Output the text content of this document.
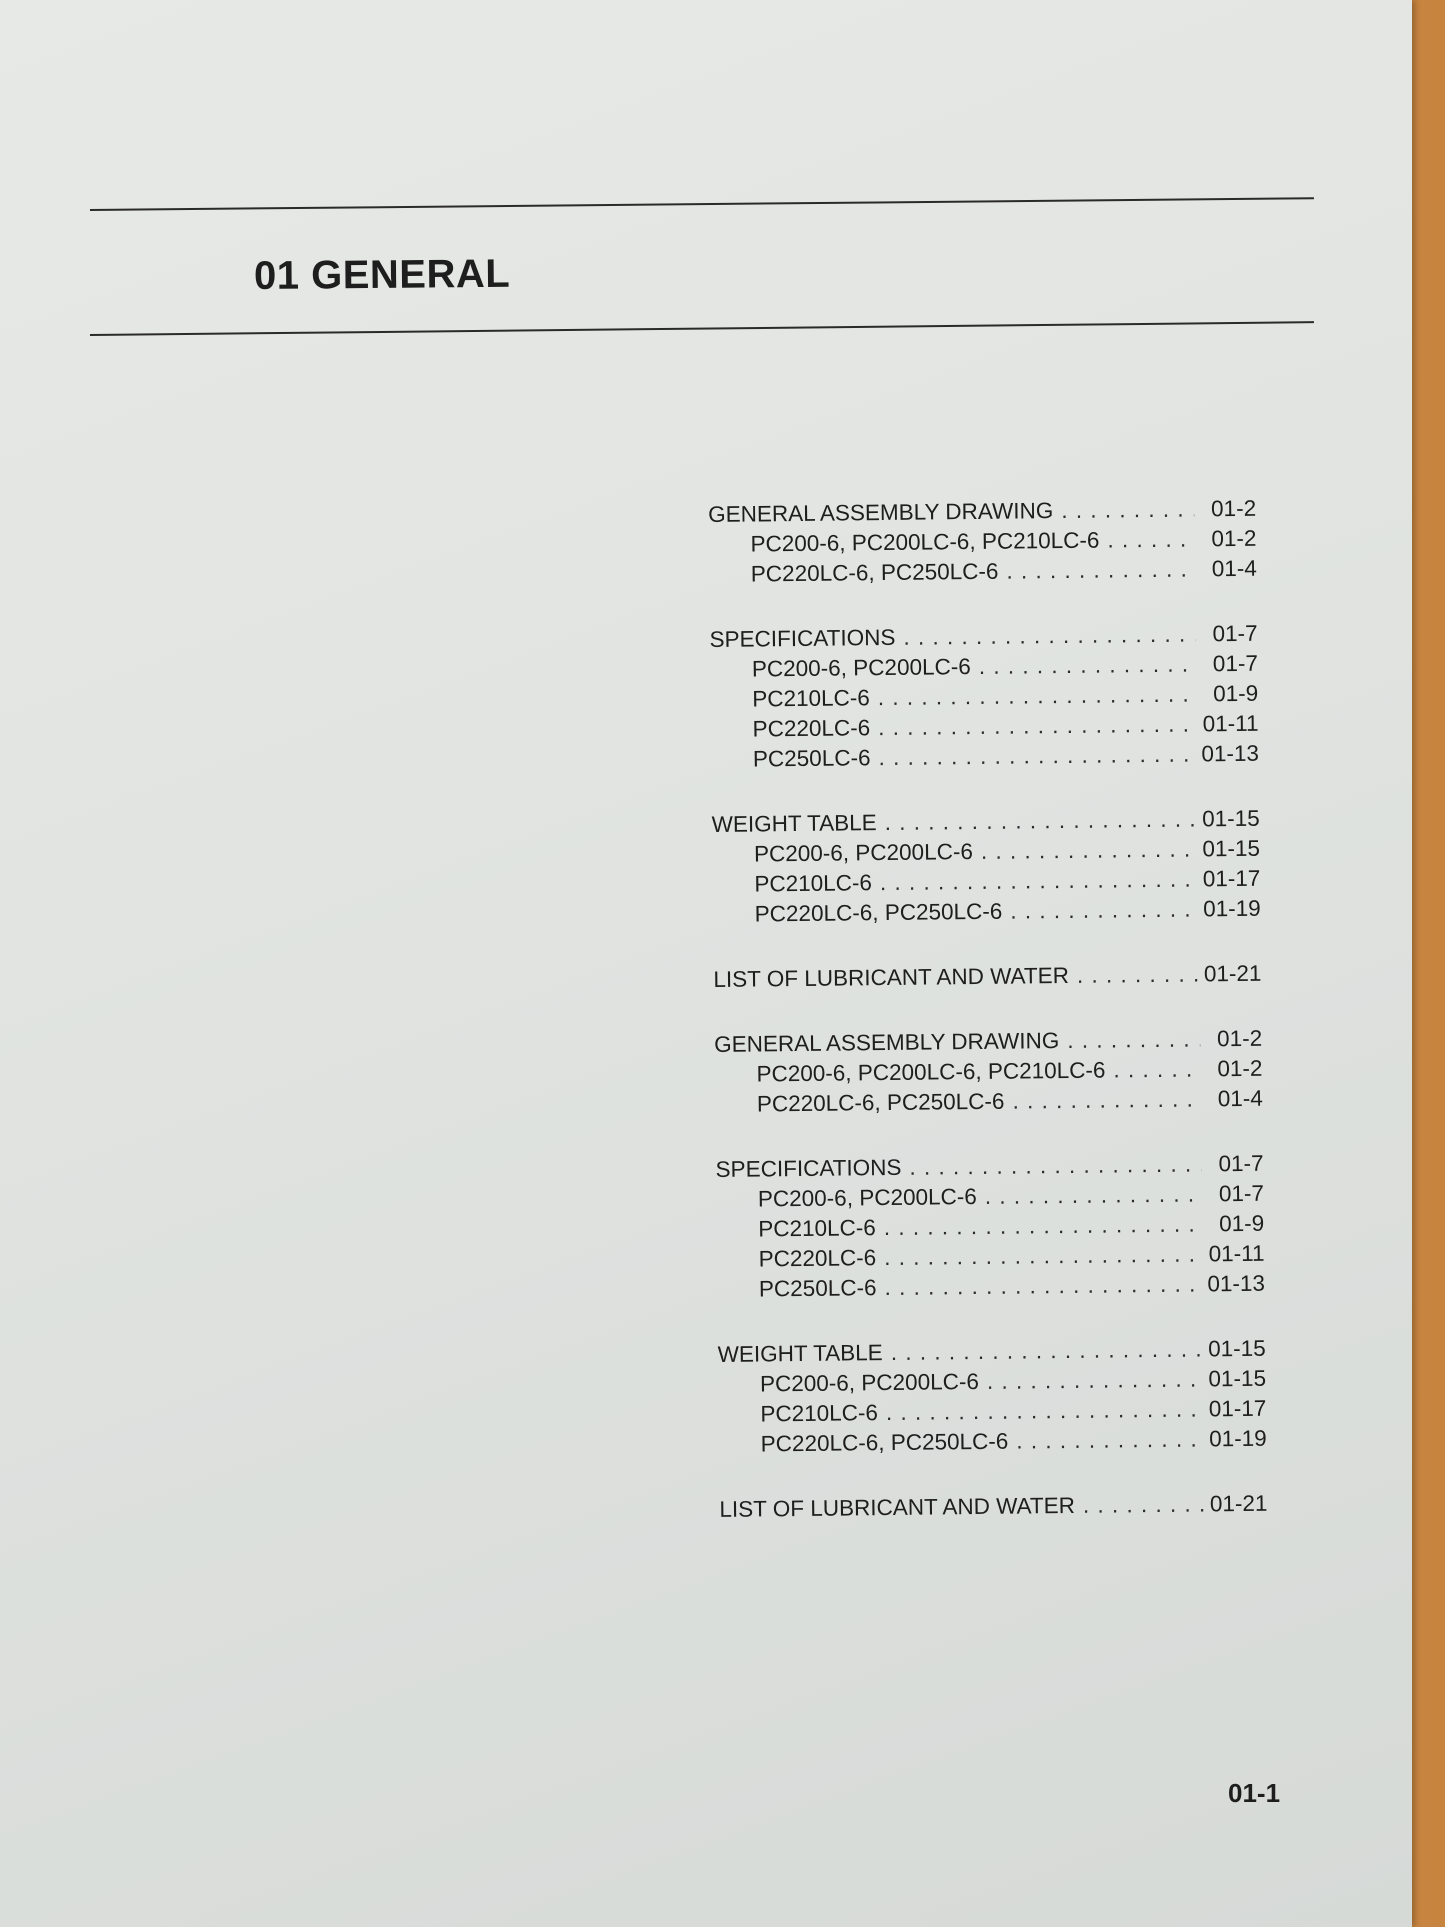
01 GENERAL
GENERAL ASSEMBLY DRAWING . . .	01-2
PC200-6, PC200LC-6, PC210LC-6 . . .	01-2
PC220LC-6, PC250LC-6 . . .	01-4
SPECIFICATIONS . . .	01-7
PC200-6, PC200LC-6 . . .	01-7
PC210LC-6 . . .	01-9
PC220LC-6 . . .	01-11
PC250LC-6 . . .	01-13
WEIGHT TABLE . . .	01-15
PC200-6, PC200LC-6 . . .	01-15
PC210LC-6 . . .	01-17
PC220LC-6, PC250LC-6 . . .	01-19
LIST OF LUBRICANT AND WATER . . .	01-21
GENERAL ASSEMBLY DRAWING . . .	01-2
PC200-6, PC200LC-6, PC210LC-6 . . .	01-2
PC220LC-6, PC250LC-6 . . .	01-4
SPECIFICATIONS . . .	01-7
PC200-6, PC200LC-6 . . .	01-7
PC210LC-6 . . .	01-9
PC220LC-6 . . .	01-11
PC250LC-6 . . .	01-13
WEIGHT TABLE . . .	01-15
PC200-6, PC200LC-6 . . .	01-15
PC210LC-6 . . .	01-17
PC220LC-6, PC250LC-6 . . .	01-19
LIST OF LUBRICANT AND WATER . . .	01-21
01-1
